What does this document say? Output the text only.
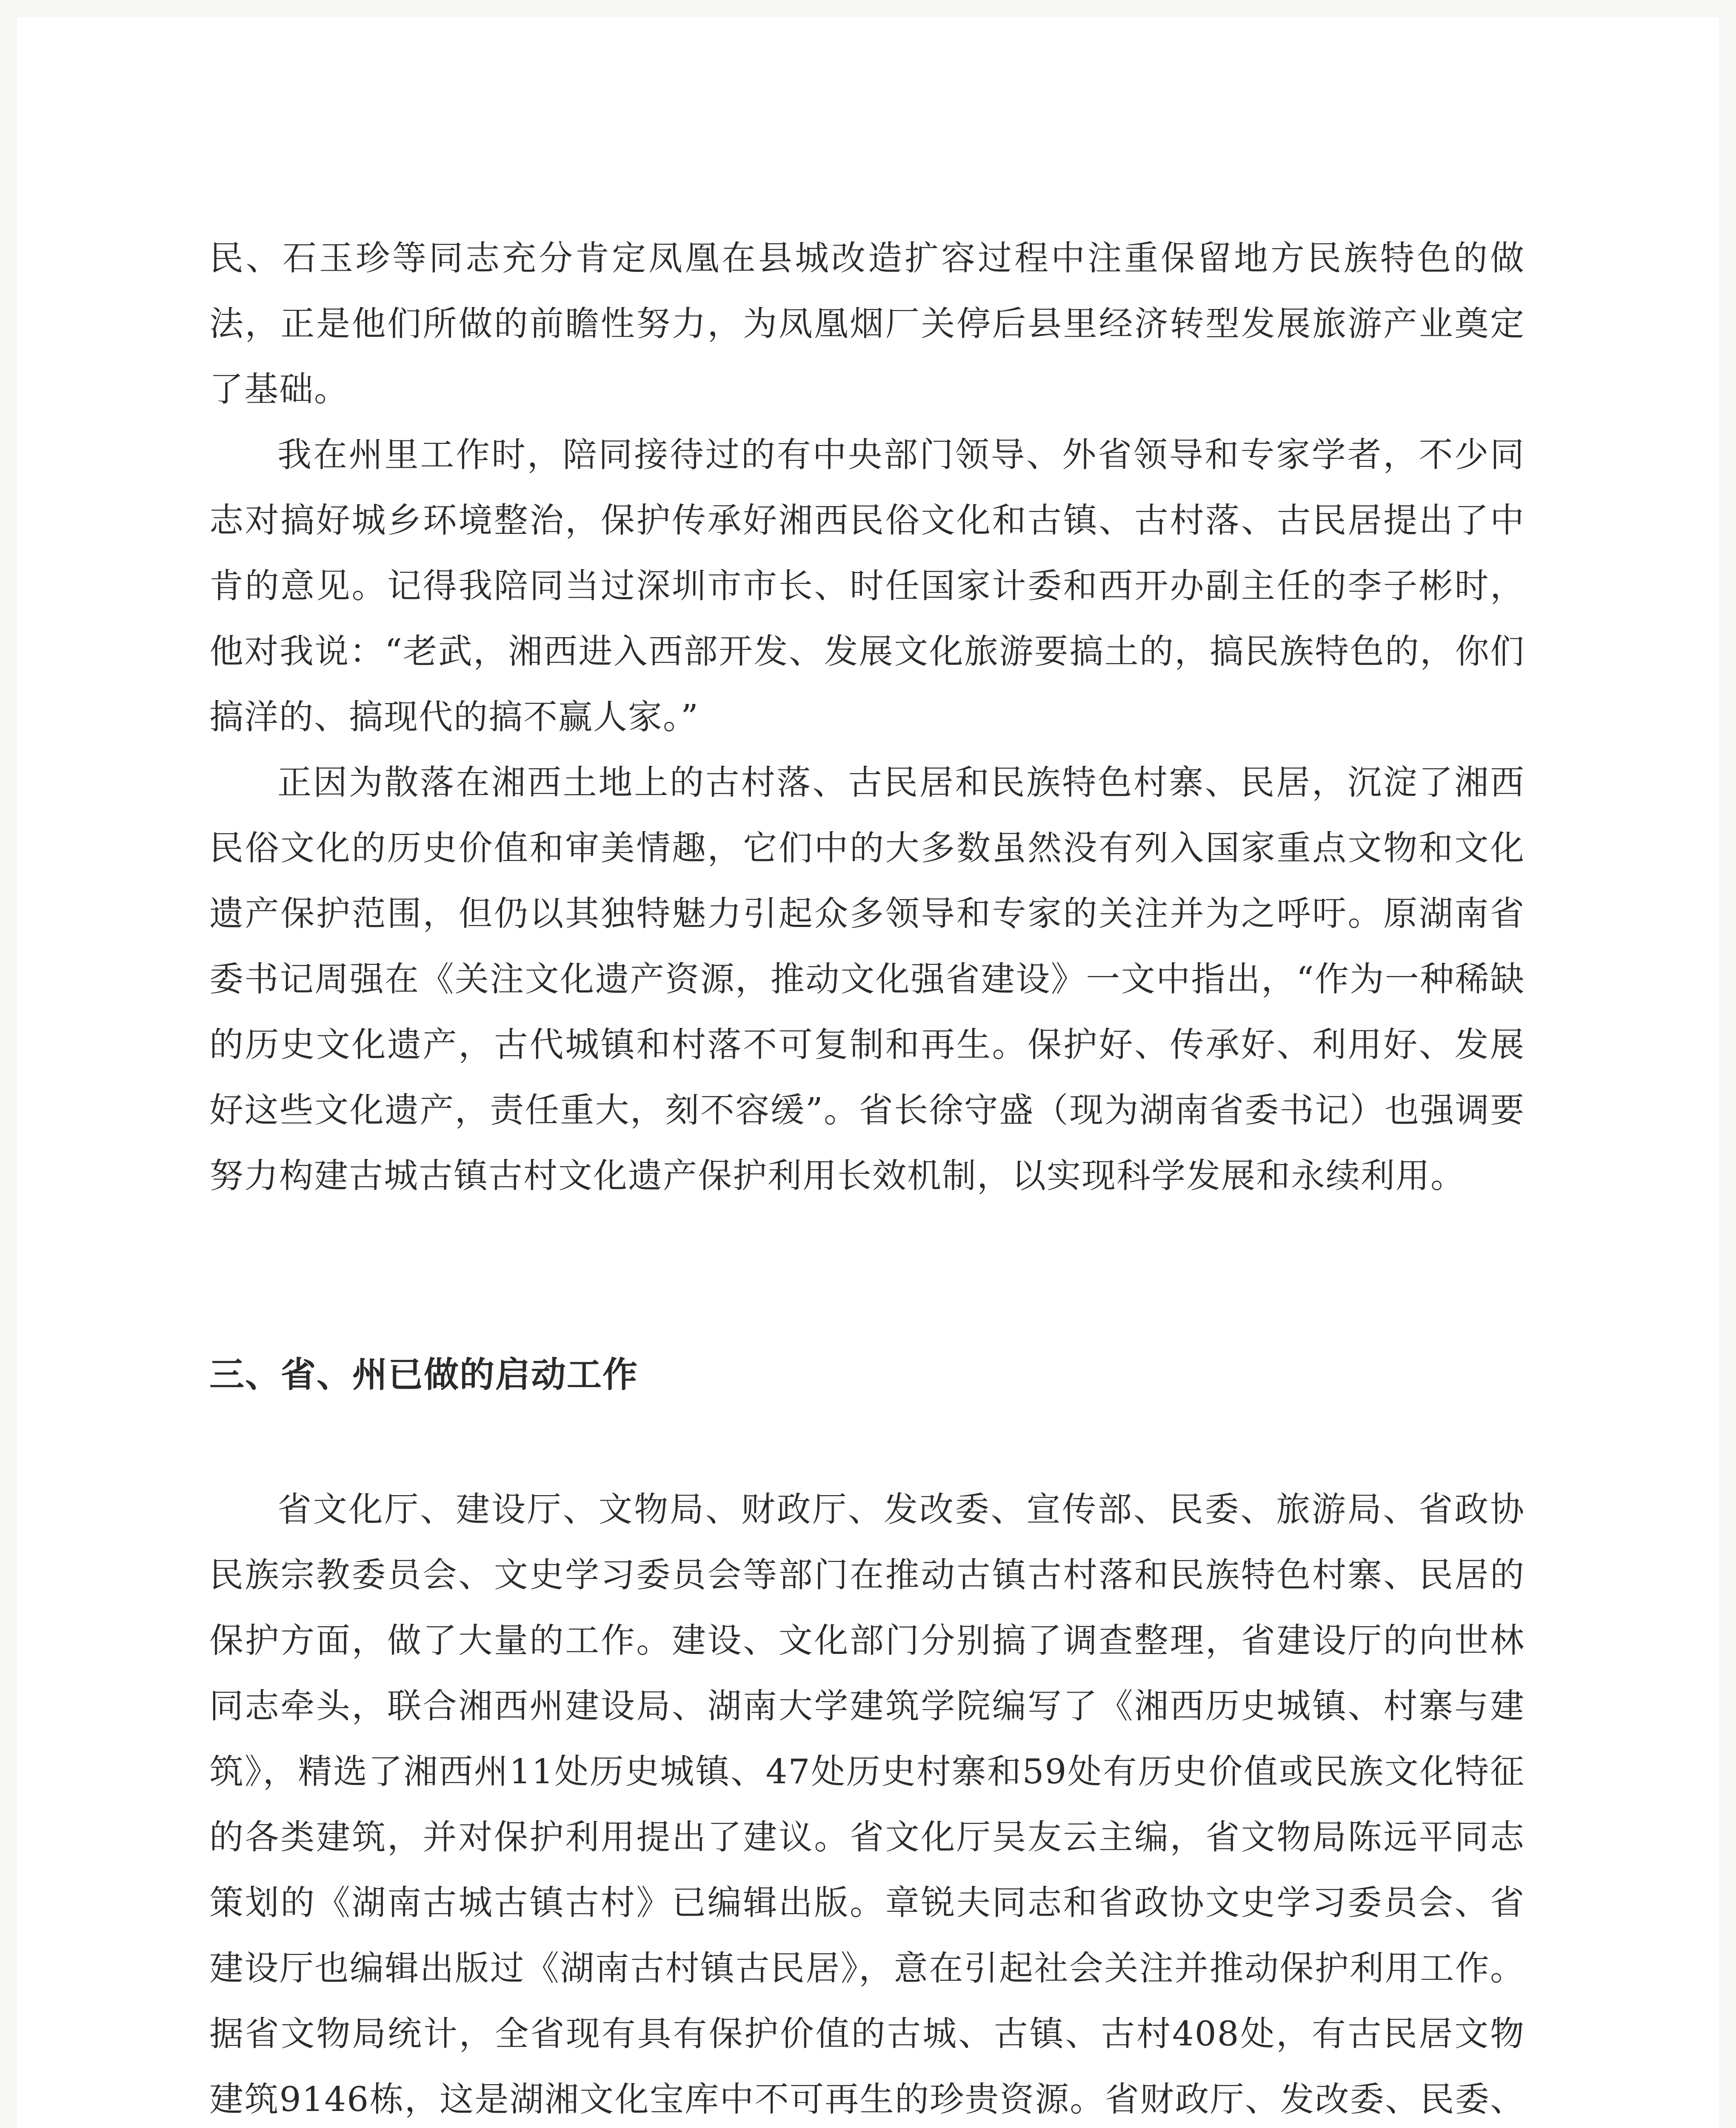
民、石玉珍等同志充分肯定凤凰在县城改造扩容过程中注重保留地方民族特色的做法，正是他们所做的前瞻性努力，为凤凰烟厂关停后县里经济转型发展旅游产业奠定了基础。

我在州里工作时，陪同接待过的有中央部门领导、外省领导和专家学者，不少同志对搞好城乡环境整治，保护传承好湘西民俗文化和古镇、古村落、古民居提出了中肯的意见。记得我陪同当过深圳市市长、时任国家计委和西开办副主任的李子彬时，他对我说：“老武，湘西进入西部开发、发展文化旅游要搞土的，搞民族特色的，你们搞洋的、搞现代的搞不赢人家。”

正因为散落在湘西土地上的古村落、古民居和民族特色村寨、民居，沉淀了湘西民俗文化的历史价值和审美情趣，它们中的大多数虽然没有列入国家重点文物和文化遗产保护范围，但仍以其独特魅力引起众多领导和专家的关注并为之呼吁。原湖南省委书记周强在《关注文化遗产资源，推动文化强省建设》一文中指出，“作为一种稀缺的历史文化遗产，古代城镇和村落不可复制和再生。保护好、传承好、利用好、发展好这些文化遗产，责任重大，刻不容缓”。省长徐守盛（现为湖南省委书记）也强调要努力构建古城古镇古村文化遗产保护利用长效机制，以实现科学发展和永续利用。

三、省、州已做的启动工作

省文化厅、建设厅、文物局、财政厅、发改委、宣传部、民委、旅游局、省政协民族宗教委员会、文史学习委员会等部门在推动古镇古村落和民族特色村寨、民居的保护方面，做了大量的工作。建设、文化部门分别搞了调查整理，省建设厅的向世林同志牵头，联合湘西州建设局、湖南大学建筑学院编写了《湘西历史城镇、村寨与建筑》，精选了湘西州11处历史城镇、47处历史村寨和59处有历史价值或民族文化特征的各类建筑，并对保护利用提出了建议。省文化厅吴友云主编，省文物局陈远平同志策划的《湖南古城古镇古村》已编辑出版。章锐夫同志和省政协文史学习委员会、省建设厅也编辑出版过《湖南古村镇古民居》，意在引起社会关注并推动保护利用工作。据省文物局统计，全省现有具有保护价值的古城、古镇、古村408处，有古民居文物建筑9146栋，这是湖湘文化宝库中不可再生的珍贵资源。省财政厅、发改委、民委、
